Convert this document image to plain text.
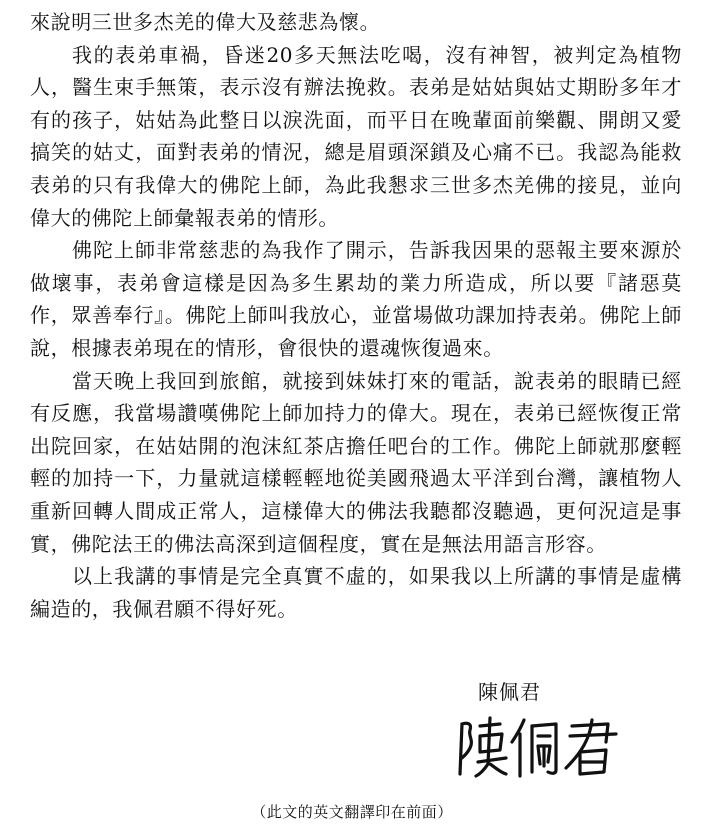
來說明三世多杰羌的偉大及慈悲為懷。

我的表弟車禍，昏迷20多天無法吃喝，沒有神智，被判定為植物人，醫生束手無策，表示沒有辦法挽救。表弟是姑姑與姑丈期盼多年才有的孩子，姑姑為此整日以淚洗面，而平日在晚輩面前樂觀、開朗又愛搞笑的姑丈，面對表弟的情況，總是眉頭深鎖及心痛不已。我認為能救表弟的只有我偉大的佛陀上師，為此我懇求三世多杰羌佛的接見，並向偉大的佛陀上師彙報表弟的情形。

佛陀上師非常慈悲的為我作了開示，告訴我因果的惡報主要來源於做壞事，表弟會這樣是因為多生累劫的業力所造成，所以要『諸惡莫作，眾善奉行』。佛陀上師叫我放心，並當場做功課加持表弟。佛陀上師說，根據表弟現在的情形，會很快的還魂恢復過來。

當天晚上我回到旅館，就接到妹妹打來的電話，說表弟的眼睛已經有反應，我當場讚嘆佛陀上師加持力的偉大。現在，表弟已經恢復正常出院回家，在姑姑開的泡沫紅茶店擔任吧台的工作。佛陀上師就那麼輕輕的加持一下，力量就這樣輕輕地從美國飛過太平洋到台灣，讓植物人重新回轉人間成正常人，這樣偉大的佛法我聽都沒聽過，更何況這是事實，佛陀法王的佛法高深到這個程度，實在是無法用語言形容。

以上我講的事情是完全真實不虛的，如果我以上所講的事情是虛構編造的，我佩君願不得好死。

陳佩君
（此文的英文翻譯印在前面）
